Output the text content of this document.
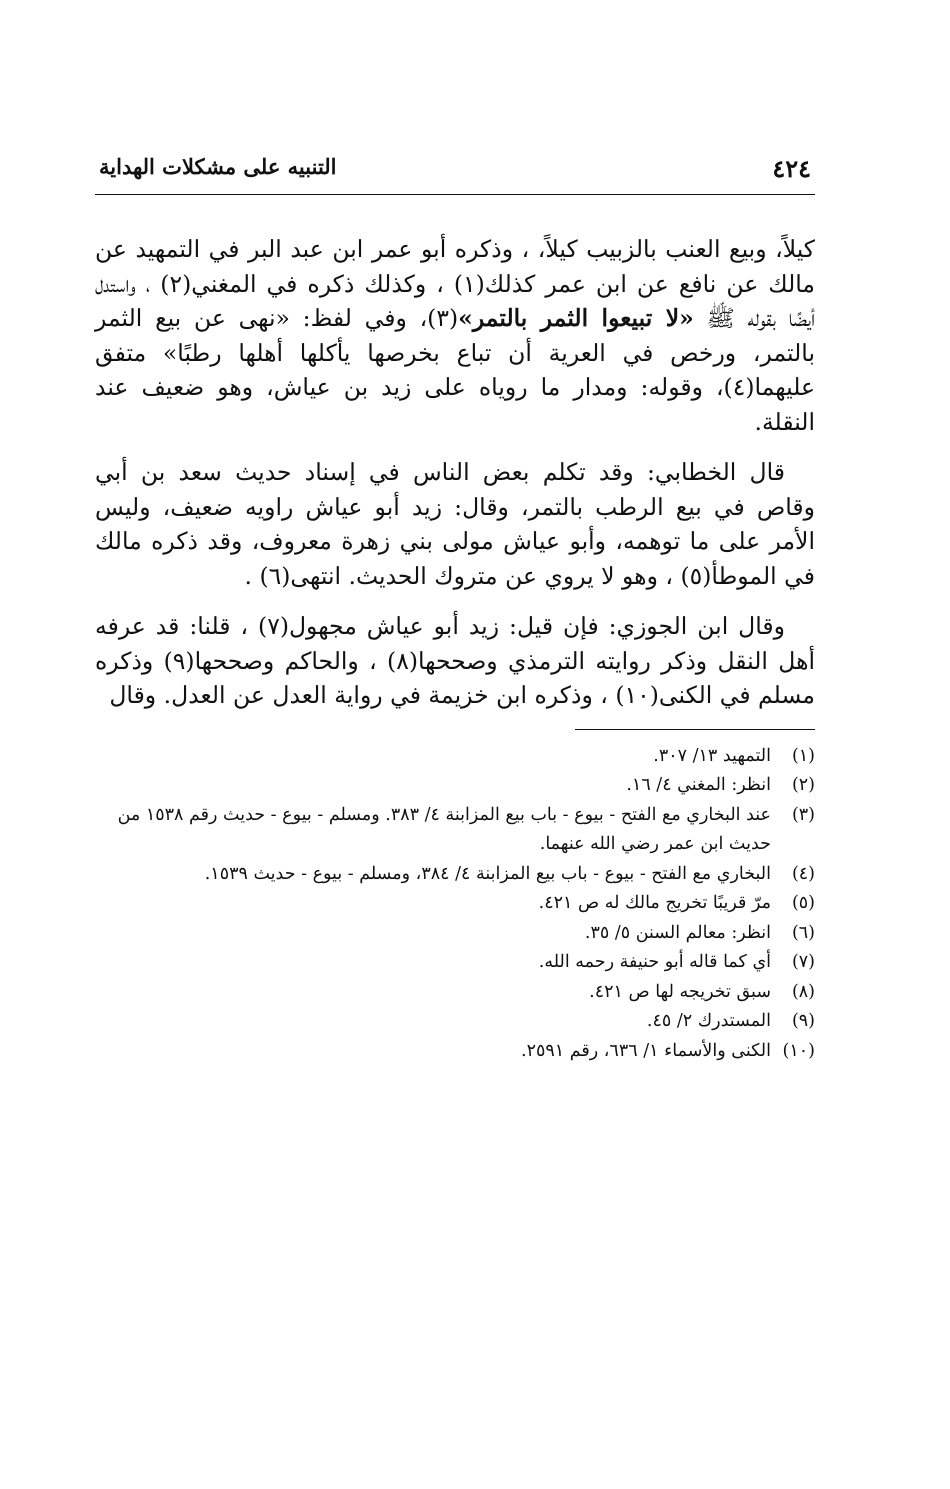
٤٢٤
التنبيه على مشكلات الهداية

كيلاً، وبيع العنب بالزبيب كيلاً، ، وذكره أبو عمر ابن عبد البر في التمهيد عن مالك عن نافع عن ابن عمر كذلك(١) ، وكذلك ذكره في المغني(٢) ، واستدل أيضًا بقوله ﷺ «لا تبيعوا الثمر بالتمر»(٣)، وفي لفظ: «نهى عن بيع الثمر بالتمر، ورخص في العرية أن تباع بخرصها يأكلها أهلها رطبًا» متفق عليهما(٤)، وقوله: ومدار ما روياه على زيد بن عياش، وهو ضعيف عند النقلة.

قال الخطابي: وقد تكلم بعض الناس في إسناد حديث سعد بن أبي وقاص في بيع الرطب بالتمر، وقال: زيد أبو عياش راويه ضعيف، وليس الأمر على ما توهمه، وأبو عياش مولى بني زهرة معروف، وقد ذكره مالك في الموطأ(٥) ، وهو لا يروي عن متروك الحديث. انتهى(٦) .

وقال ابن الجوزي: فإن قيل: زيد أبو عياش مجهول(٧) ، قلنا: قد عرفه أهل النقل وذكر روايته الترمذي وصححها(٨) ، والحاكم وصححها(٩) وذكره مسلم في الكنى(١٠) ، وذكره ابن خزيمة في رواية العدل عن العدل. وقال

(١)
التمهيد ١٣/ ٣٠٧.
(٢)
انظر: المغني ٤/ ١٦.
(٣)
عند البخاري مع الفتح - بيوع - باب بيع المزابنة ٤/ ٣٨٣. ومسلم - بيوع - حديث رقم ١٥٣٨ من حديث ابن عمر رضي الله عنهما.
(٤)
البخاري مع الفتح - بيوع - باب بيع المزابنة ٤/ ٣٨٤، ومسلم - بيوع - حديث ١٥٣٩.
(٥)
مرّ قريبًا تخريج مالك له ص ٤٢١.
(٦)
انظر: معالم السنن ٥/ ٣٥.
(٧)
أي كما قاله أبو حنيفة رحمه الله.
(٨)
سبق تخريجه لها ص ٤٢١.
(٩)
المستدرك ٢/ ٤٥.
(١٠)
الكنى والأسماء ١/ ٦٣٦، رقم ٢٥٩١.
